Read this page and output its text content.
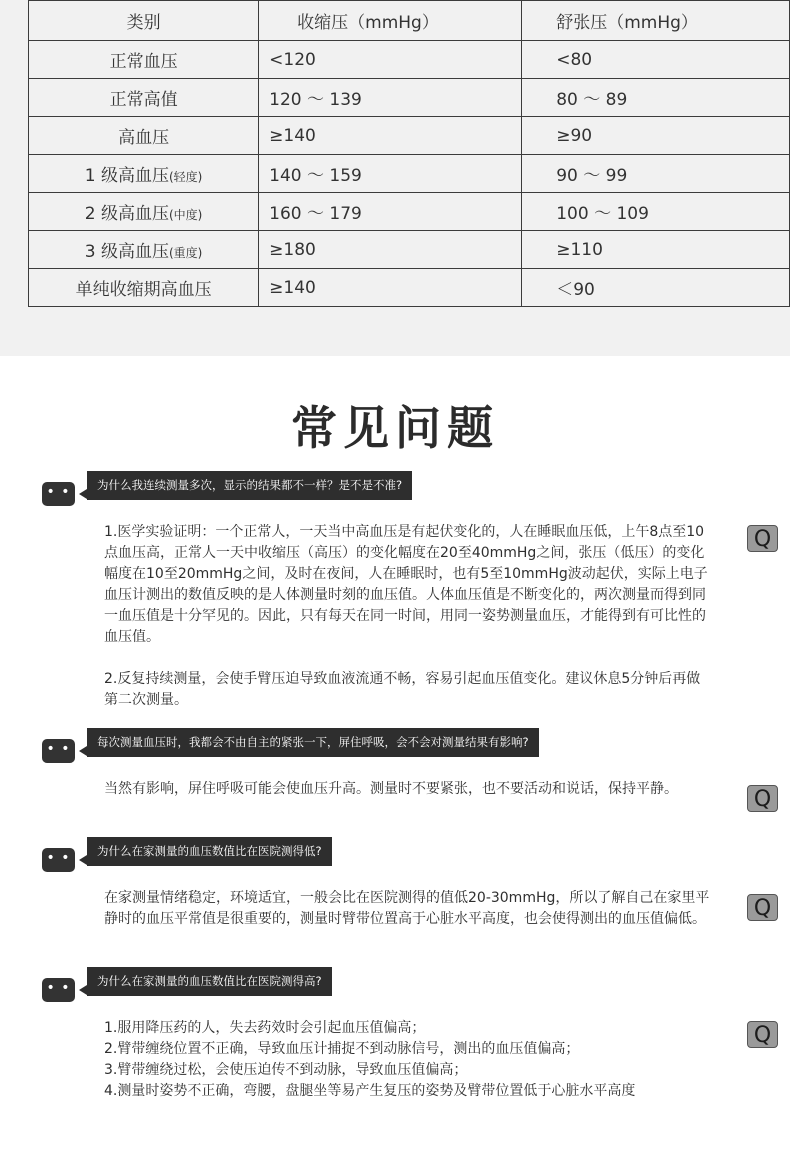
类别	收缩压（mmHg）	舒张压（mmHg）
正常血压	<120	<80
正常高值	120 ～ 139	80 ～ 89
高血压	≥140	≥90
1 级高血压(轻度)	140 ～ 159	90 ～ 99
2 级高血压(中度)	160 ～ 179	100 ～ 109
3 级高血压(重度)	≥180	≥110
单纯收缩期高血压	≥140	＜90
常见问题
• • •
为什么我连续测量多次，显示的结果都不一样？是不是不准?

1.医学实验证明：一个正常人，一天当中高血压是有起伏变化的，人在睡眠血压低，上午8点至10点血压高，正常人一天中收缩压（高压）的变化幅度在20至40mmHg之间，张压（低压）的变化幅度在10至20mmHg之间，及时在夜间，人在睡眠时，也有5至10mmHg波动起伏，实际上电子血压计测出的数值反映的是人体测量时刻的血压值。人体血压值是不断变化的，两次测量而得到同一血压值是十分罕见的。因此，只有每天在同一时间，用同一姿势测量血压，才能得到有可比性的血压值。

2.反复持续测量，会使手臂压迫导致血液流通不畅，容易引起血压值变化。建议休息5分钟后再做第二次测量。

Q
• • •
每次测量血压时，我都会不由自主的紧张一下，屏住呼吸，会不会对测量结果有影响?

当然有影响，屏住呼吸可能会使血压升高。测量时不要紧张，也不要活动和说话，保持平静。	Q
• • •
为什么在家测量的血压数值比在医院测得低?

在家测量情绪稳定，环境适宜，一般会比在医院测得的值低20-30mmHg，所以了解自己在家里平静时的血压平常值是很重要的，测量时臂带位置高于心脏水平高度，也会使得测出的血压值偏低。	Q
• • •
为什么在家测量的血压数值比在医院测得高?
1.服用降压药的人，失去药效时会引起血压值偏高；
2.臂带缠绕位置不正确，导致血压计捕捉不到动脉信号，测出的血压值偏高；
3.臂带缠绕过松，会使压迫传不到动脉，导致血压值偏高；
4.测量时姿势不正确，弯腰，盘腿坐等易产生复压的姿势及臂带位置低于心脏水平高度
Q
